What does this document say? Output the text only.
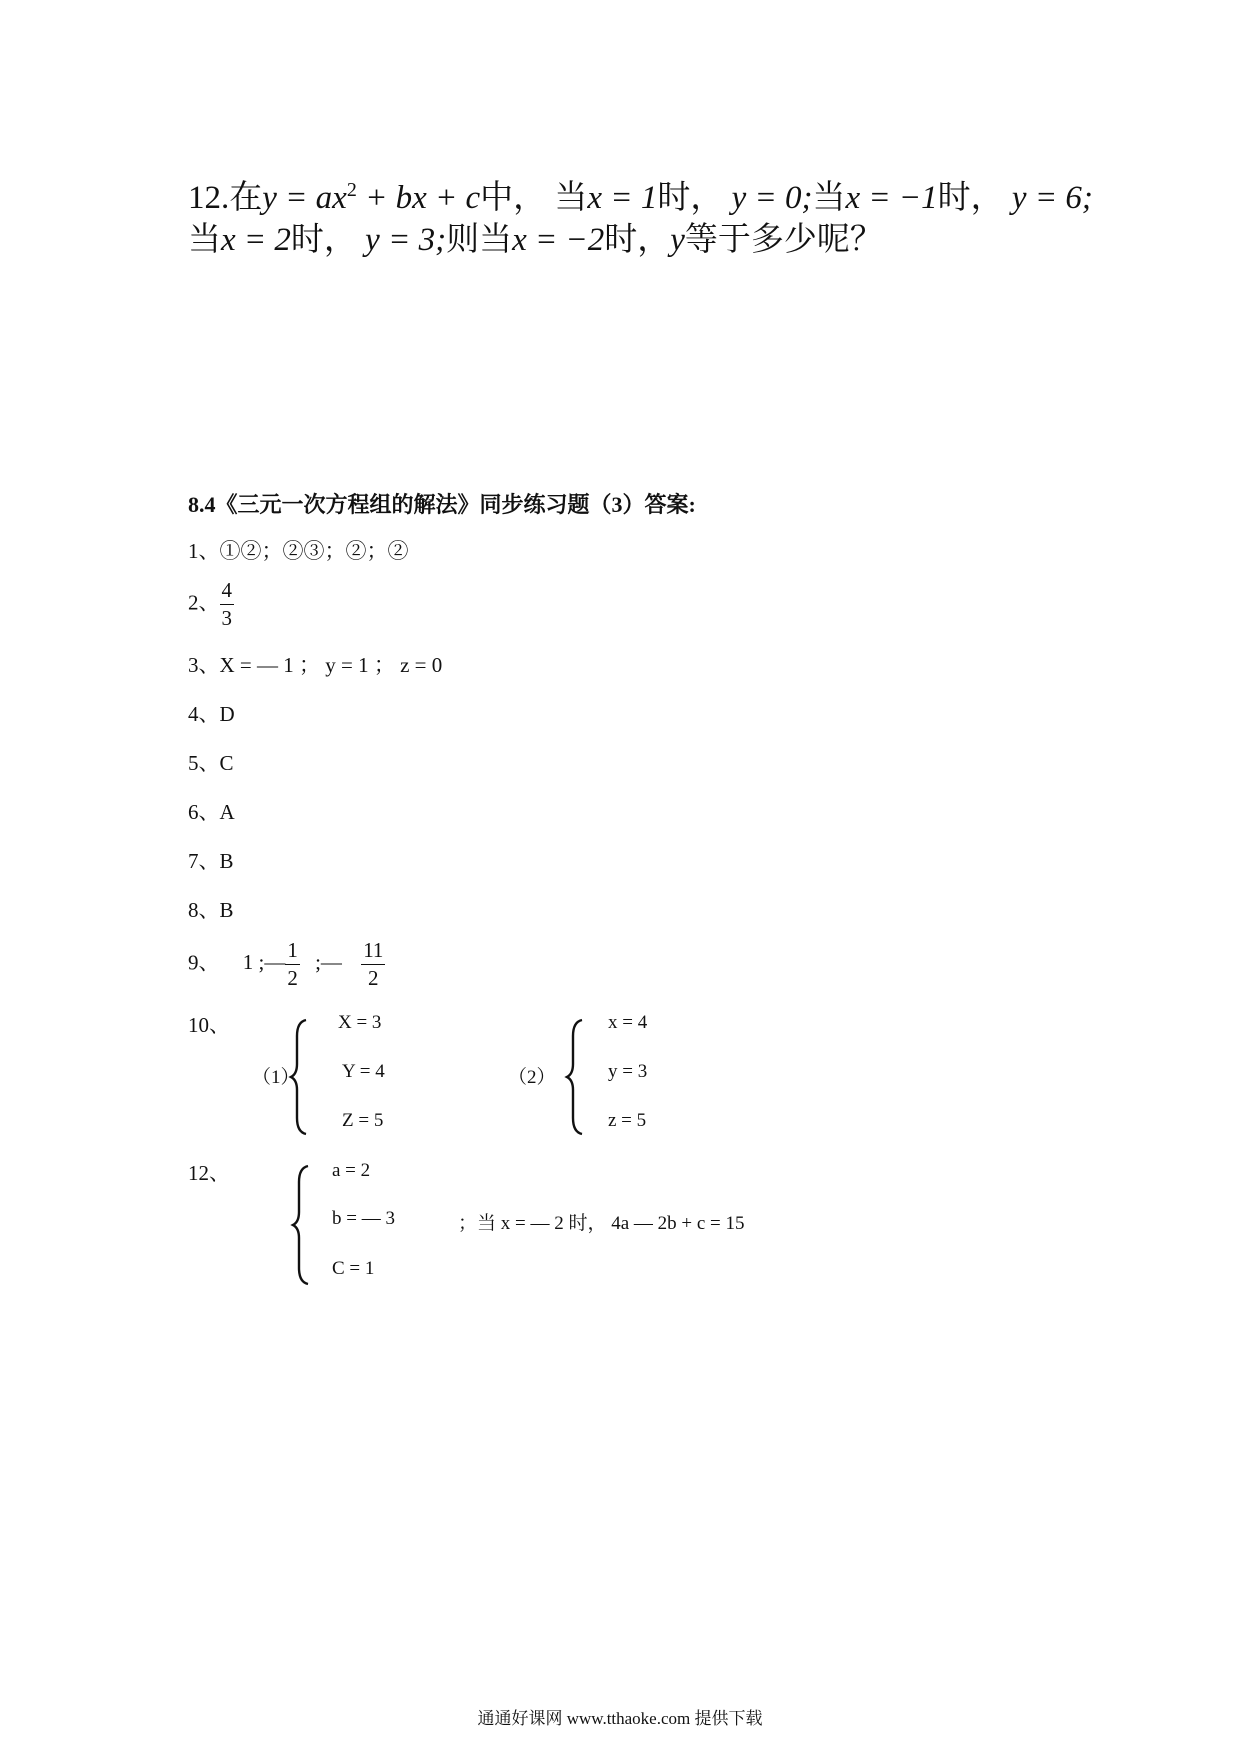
12.在$y = ax^2$ + bx + c中， 当x = 1时， y = 0;当x = −1时， y = 6;
当x = 2时， y = 3;则当x = −2时，y等于多少呢？
8.4《三元一次方程组的解法》同步练习题（3）答案:
1、①②；②③；②；②
2、 $\frac{4}{3}$
3、X = — 1 ； y = 1 ； z = 0
4、D
5、C
6、A
7、B
8、B
9、 1 ;— $\frac{1}{2}$ ;— $\frac{11}{2}$
10、
（1）
X = 3
Y = 4
Z = 5
（2）
x = 4
y = 3
z = 5
12、	a = 2
b = — 3
C = 1
；当 x = — 2 时， 4a — 2b + c = 15
通通好课网 www.tthaoke.com 提供下载
